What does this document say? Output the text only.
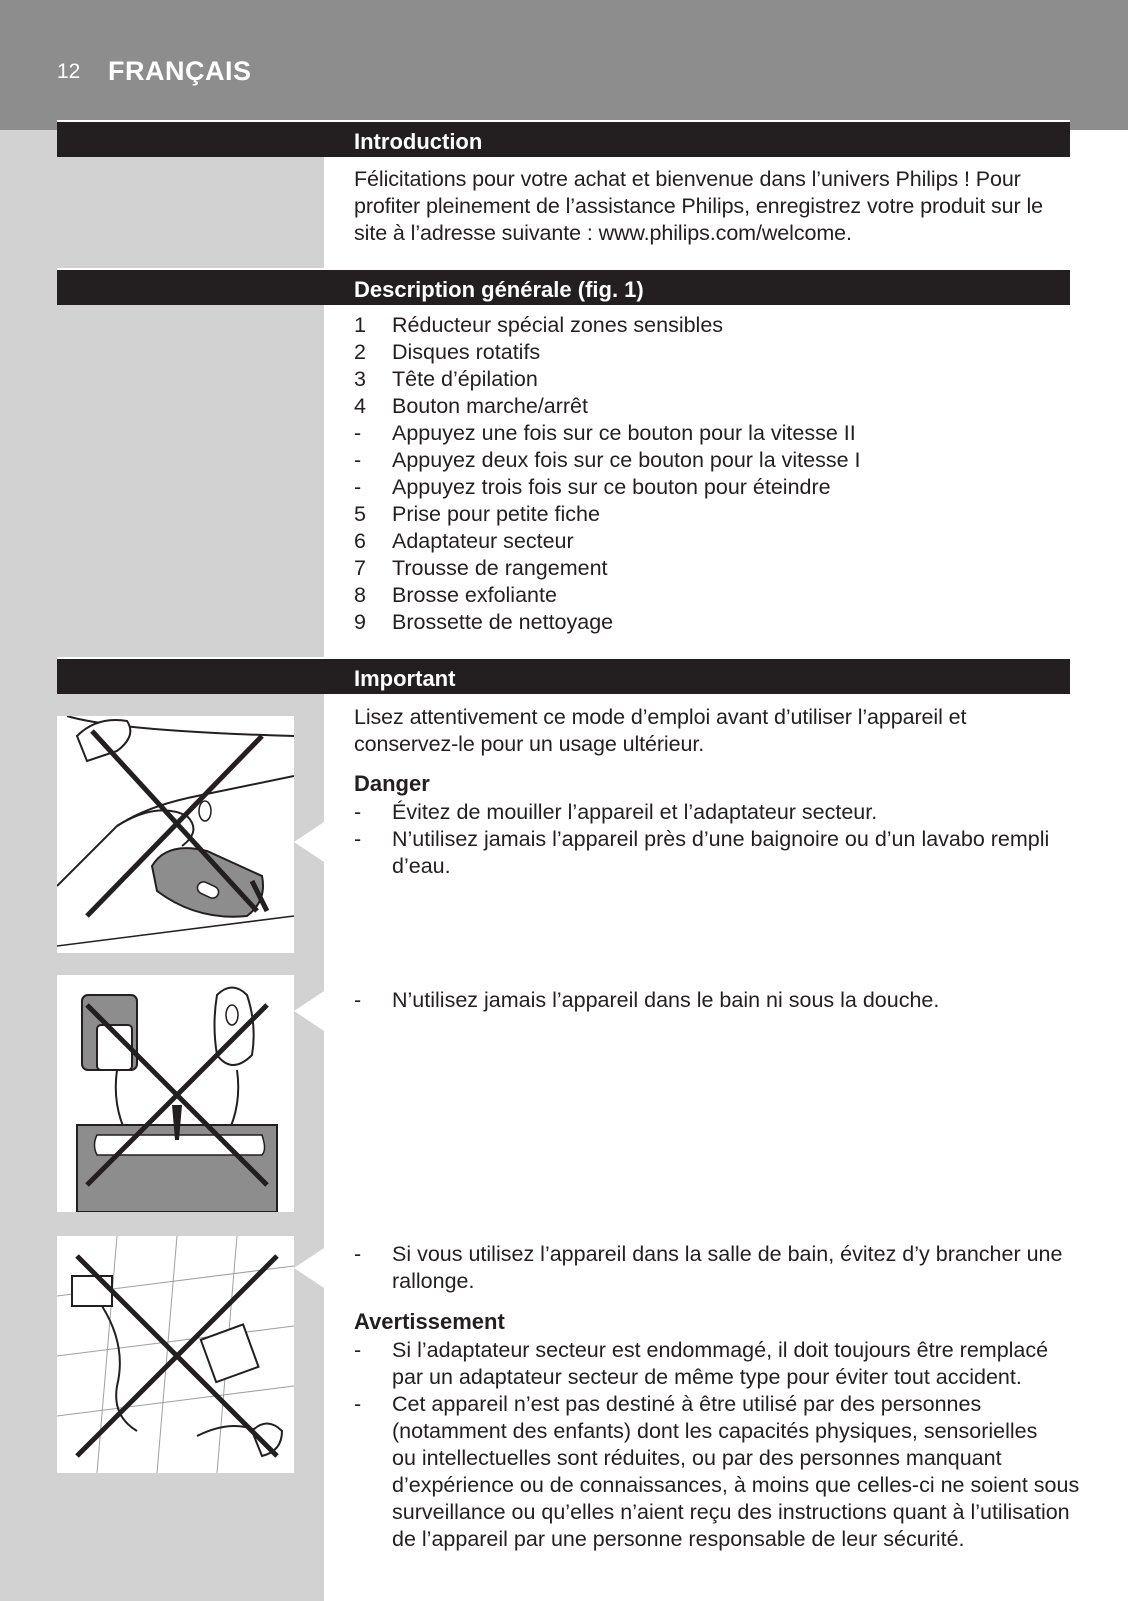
12 FRANÇAIS
Introduction
Félicitations pour votre achat et bienvenue dans l’univers Philips ! Pour
profiter pleinement de l’assistance Philips, enregistrez votre produit sur le
site à l’adresse suivante : www.philips.com/welcome.
Description générale (fig. 1)
1	Réducteur spécial zones sensibles
2	Disques rotatifs
3	Tête d’épilation
4	Bouton marche/arrêt
-	Appuyez une fois sur ce bouton pour la vitesse II
-	Appuyez deux fois sur ce bouton pour la vitesse I
-	Appuyez trois fois sur ce bouton pour éteindre
5	Prise pour petite fiche
6	Adaptateur secteur
7	Trousse de rangement
8	Brosse exfoliante
9	Brossette de nettoyage
Important
Lisez attentivement ce mode d’emploi avant d’utiliser l’appareil et
conservez-le pour un usage ultérieur.
Danger
-	Évitez de mouiller l’appareil et l’adaptateur secteur.
-	N’utilisez jamais l’appareil près d’une baignoire ou d’un lavabo rempli
d’eau.
-	N’utilisez jamais l’appareil dans le bain ni sous la douche.
-	Si vous utilisez l’appareil dans la salle de bain, évitez d’y brancher une
rallonge.
Avertissement
-	Si l’adaptateur secteur est endommagé, il doit toujours être remplacé
par un adaptateur secteur de même type pour éviter tout accident.
-	Cet appareil n’est pas destiné à être utilisé par des personnes
(notamment des enfants) dont les capacités physiques, sensorielles
ou intellectuelles sont réduites, ou par des personnes manquant
d’expérience ou de connaissances, à moins que celles-ci ne soient sous
surveillance ou qu’elles n’aient reçu des instructions quant à l’utilisation
de l’appareil par une personne responsable de leur sécurité.
